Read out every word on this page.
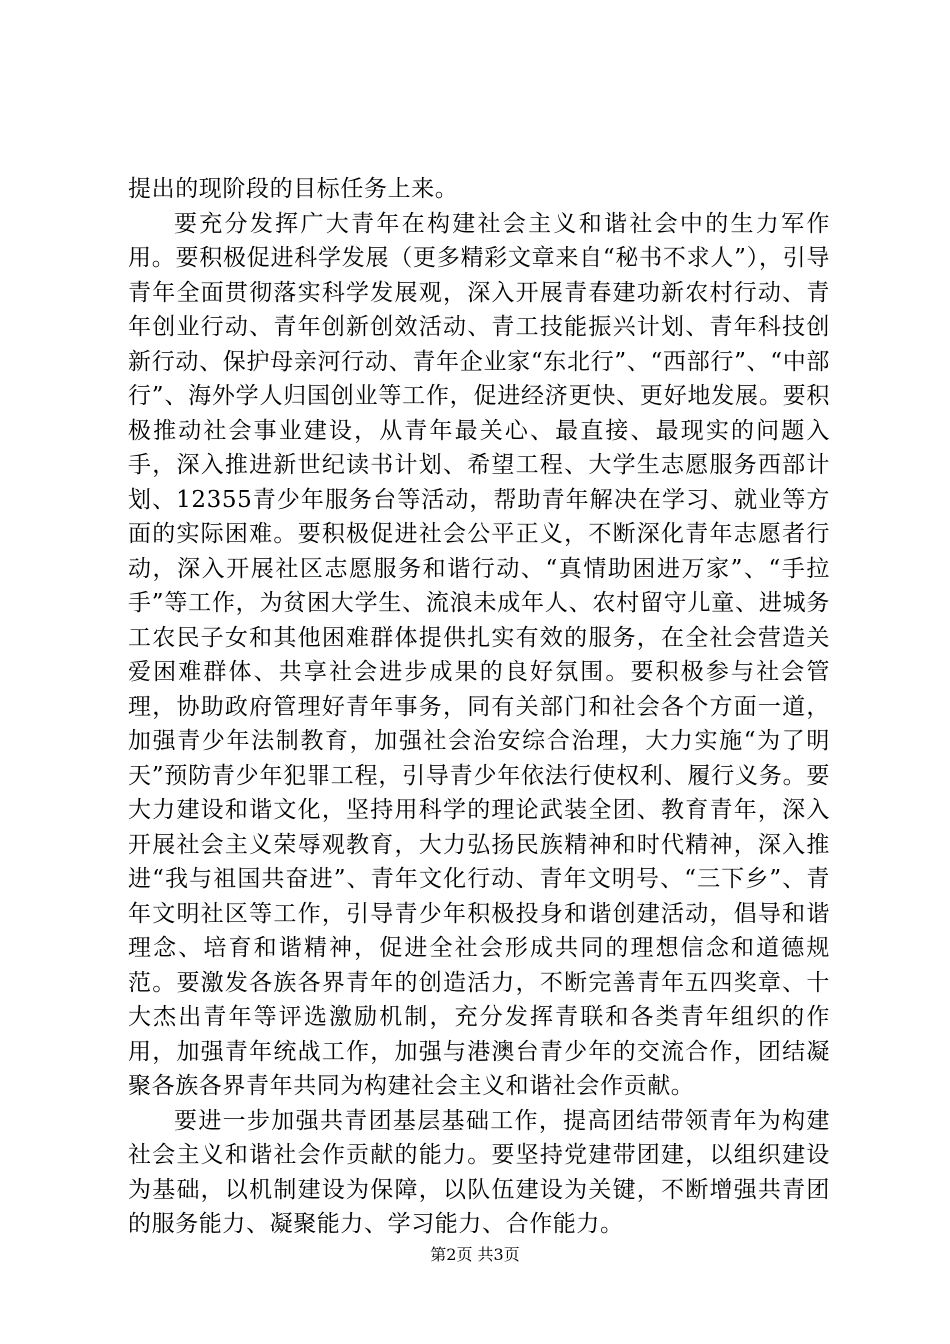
提出的现阶段的目标任务上来。

要充分发挥广大青年在构建社会主义和谐社会中的生力军作用。要积极促进科学发展（更多精彩文章来自“秘书不求人”），引导青年全面贯彻落实科学发展观，深入开展青春建功新农村行动、青年创业行动、青年创新创效活动、青工技能振兴计划、青年科技创新行动、保护母亲河行动、青年企业家“东北行”、“西部行”、“中部行”、海外学人归国创业等工作，促进经济更快、更好地发展。要积极推动社会事业建设，从青年最关心、最直接、最现实的问题入手，深入推进新世纪读书计划、希望工程、大学生志愿服务西部计划、12355青少年服务台等活动，帮助青年解决在学习、就业等方面的实际困难。要积极促进社会公平正义，不断深化青年志愿者行动，深入开展社区志愿服务和谐行动、“真情助困进万家”、“手拉手”等工作，为贫困大学生、流浪未成年人、农村留守儿童、进城务工农民子女和其他困难群体提供扎实有效的服务，在全社会营造关爱困难群体、共享社会进步成果的良好氛围。要积极参与社会管理，协助政府管理好青年事务，同有关部门和社会各个方面一道，加强青少年法制教育，加强社会治安综合治理，大力实施“为了明天”预防青少年犯罪工程，引导青少年依法行使权利、履行义务。要大力建设和谐文化，坚持用科学的理论武装全团、教育青年，深入开展社会主义荣辱观教育，大力弘扬民族精神和时代精神，深入推进“我与祖国共奋进”、青年文化行动、青年文明号、“三下乡”、青年文明社区等工作，引导青少年积极投身和谐创建活动，倡导和谐理念、培育和谐精神，促进全社会形成共同的理想信念和道德规范。要激发各族各界青年的创造活力，不断完善青年五四奖章、十大杰出青年等评选激励机制，充分发挥青联和各类青年组织的作用，加强青年统战工作，加强与港澳台青少年的交流合作，团结凝聚各族各界青年共同为构建社会主义和谐社会作贡献。

要进一步加强共青团基层基础工作，提高团结带领青年为构建社会主义和谐社会作贡献的能力。要坚持党建带团建，以组织建设为基础，以机制建设为保障，以队伍建设为关键，不断增强共青团的服务能力、凝聚能力、学习能力、合作能力。

第2页 共3页
